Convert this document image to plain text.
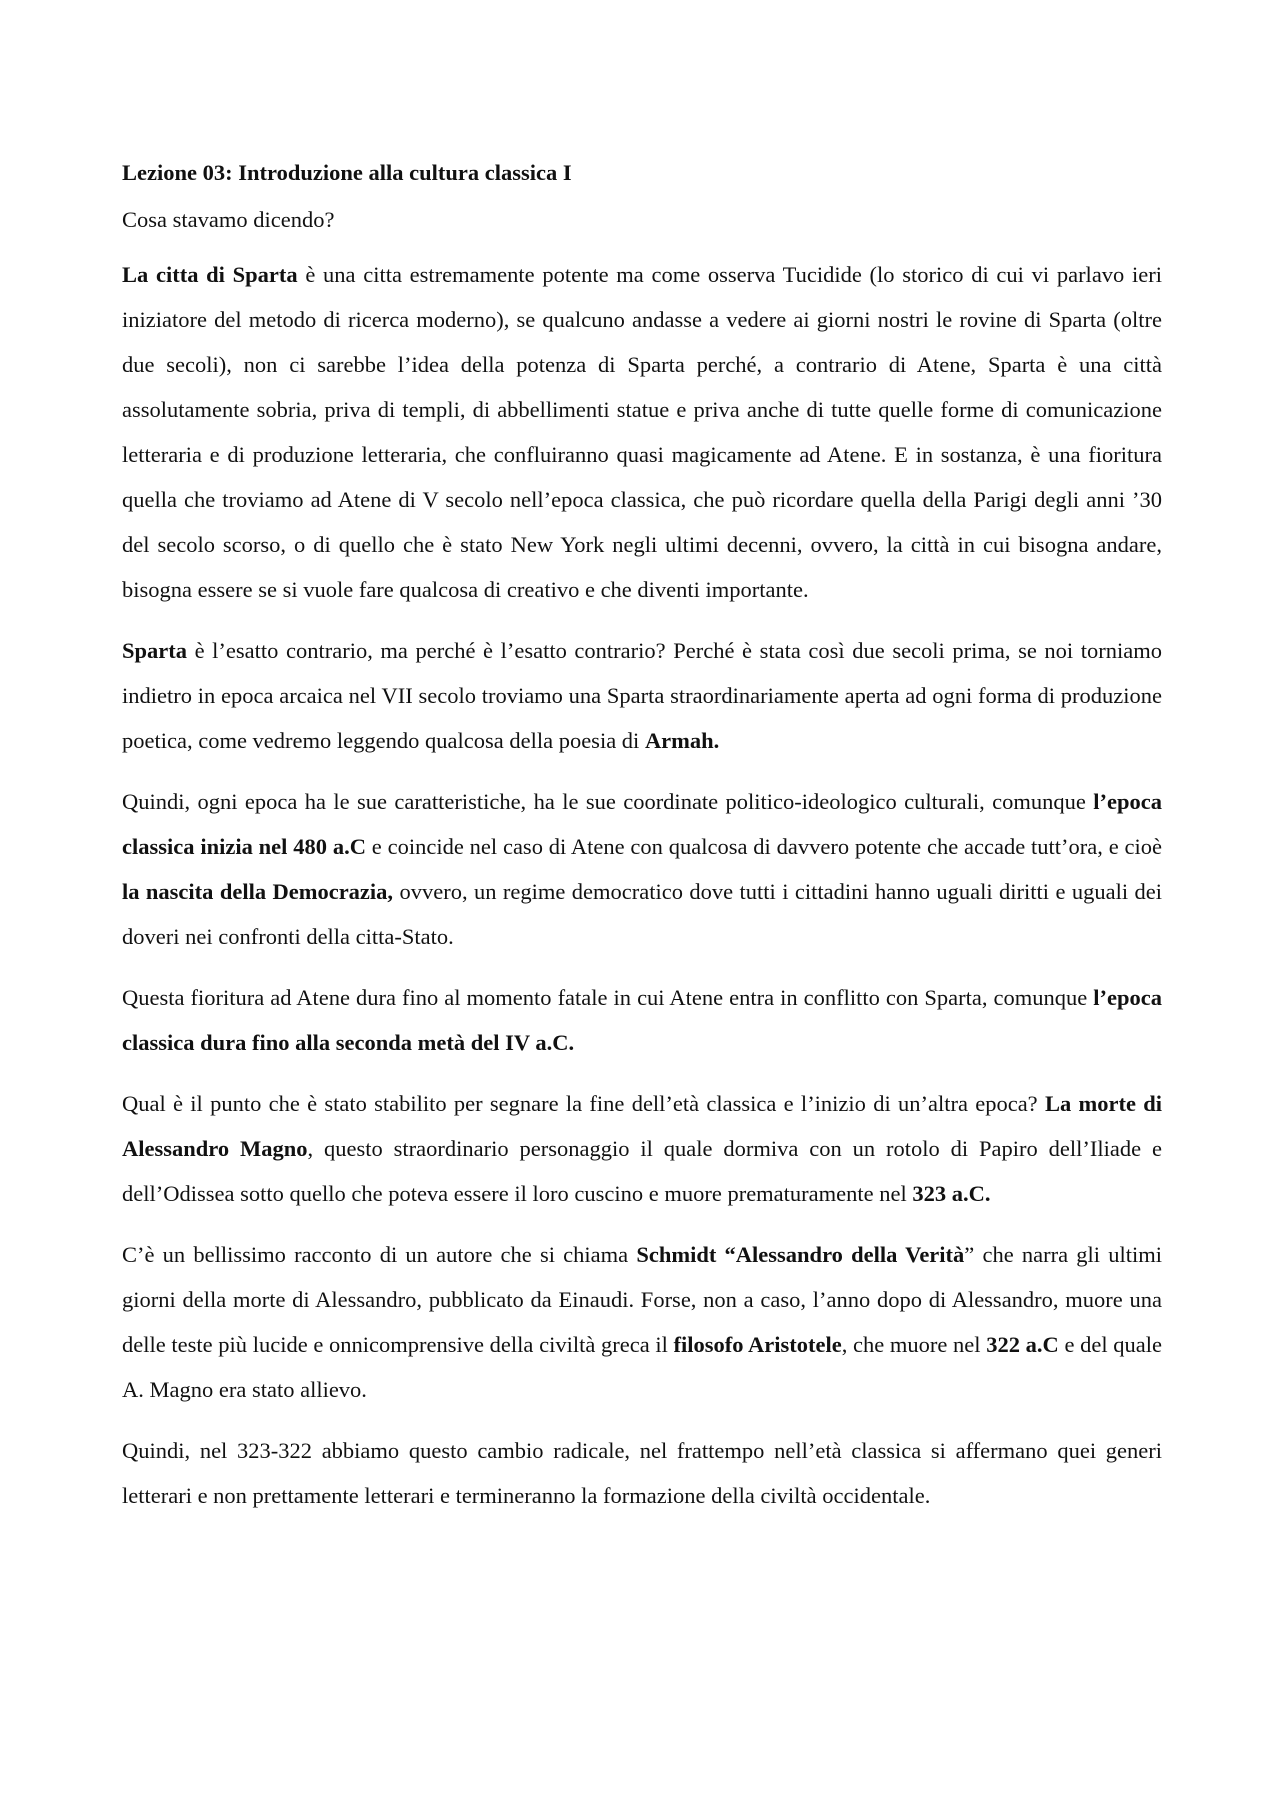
Lezione 03: Introduzione alla cultura classica I
Cosa stavamo dicendo?

La citta di Sparta è una citta estremamente potente ma come osserva Tucidide (lo storico di cui vi parlavo ieri iniziatore del metodo di ricerca moderno), se qualcuno andasse a vedere ai giorni nostri le rovine di Sparta (oltre due secoli), non ci sarebbe l’idea della potenza di Sparta perché, a contrario di Atene, Sparta è una città assolutamente sobria, priva di templi, di abbellimenti statue e priva anche di tutte quelle forme di comunicazione letteraria e di produzione letteraria, che confluiranno quasi magicamente ad Atene. E in sostanza, è una fioritura quella che troviamo ad Atene di V secolo nell’epoca classica, che può ricordare quella della Parigi degli anni ’30 del secolo scorso, o di quello che è stato New York negli ultimi decenni, ovvero, la città in cui bisogna andare, bisogna essere se si vuole fare qualcosa di creativo e che diventi importante.

Sparta è l’esatto contrario, ma perché è l’esatto contrario? Perché è stata così due secoli prima, se noi torniamo indietro in epoca arcaica nel VII secolo troviamo una Sparta straordinariamente aperta ad ogni forma di produzione poetica, come vedremo leggendo qualcosa della poesia di Armah.

Quindi, ogni epoca ha le sue caratteristiche, ha le sue coordinate politico-ideologico culturali, comunque l’epoca classica inizia nel 480 a.C e coincide nel caso di Atene con qualcosa di davvero potente che accade tutt’ora, e cioè la nascita della Democrazia, ovvero, un regime democratico dove tutti i cittadini hanno uguali diritti e uguali dei doveri nei confronti della citta-Stato.

Questa fioritura ad Atene dura fino al momento fatale in cui Atene entra in conflitto con Sparta, comunque l’epoca classica dura fino alla seconda metà del IV a.C.

Qual è il punto che è stato stabilito per segnare la fine dell’età classica e l’inizio di un’altra epoca? La morte di Alessandro Magno, questo straordinario personaggio il quale dormiva con un rotolo di Papiro dell’Iliade e dell’Odissea sotto quello che poteva essere il loro cuscino e muore prematuramente nel 323 a.C.

C’è un bellissimo racconto di un autore che si chiama Schmidt “Alessandro della Verità” che narra gli ultimi giorni della morte di Alessandro, pubblicato da Einaudi. Forse, non a caso, l’anno dopo di Alessandro, muore una delle teste più lucide e onnicomprensive della civiltà greca il filosofo Aristotele, che muore nel 322 a.C e del quale A. Magno era stato allievo.

Quindi, nel 323-322 abbiamo questo cambio radicale, nel frattempo nell’età classica si affermano quei generi letterari e non prettamente letterari e termineranno la formazione della civiltà occidentale.
